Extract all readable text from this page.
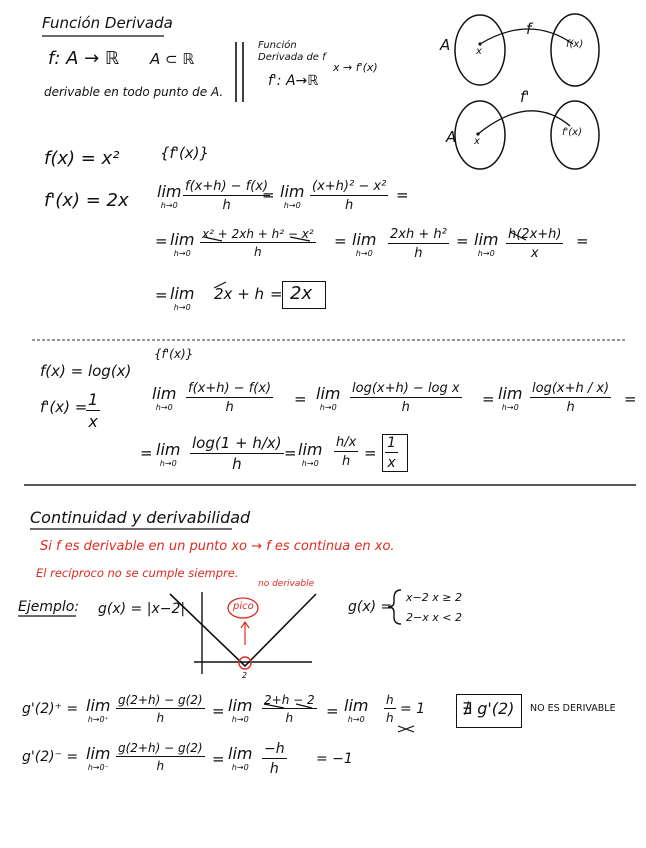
Función Derivada
f: A → ℝ A ⊂ ℝ
derivable en todo punto de A.
Función Derivada de f
f': A→ℝ
x → f'(x)
A
f
x
f(x)
A
f'
x
f'(x)
f(x) = x²
f'(x) = 2x
{f'(x)}
lim
$h\to 0 \frac{f(x+h) - f(x)}{h}$
= lim
$h\to 0 \frac{\text{(x+h)² − x²}}{h}$ =
= lim
$h\to 0 \frac{\text{x² + 2xh + h² − x²}}{h} = \lim$
$h\to 0 \frac{\text{2xh + h²}}{h} = \lim$
$h\to 0 \frac{h(2x+h)}{x}$ =
= lim
h→0
2x + h = 2x
f(x) = log(x)
f'(x) =
$\frac{1}{x}$
{f'(x)}
lim
$h\to 0 \frac{f(x+h) - f(x)}{h} = \lim$
$h\to 0 \frac{\text{log(x+h) − log x}}{h} = \lim$
$h\to 0 \frac{\log(x+h / x)}{h}$ =
= lim
$h\to 0 \frac{\log(1 + h/x)}{h} = \lim$
$h\to 0 \frac{h/x}{h} = \frac{1}{x}$
Continuidad y derivabilidad
Si f es derivable en un punto xo → f es continua en xo.
El recíproco no se cumple siempre.
Ejemplo: g(x) = |x−2|	pico
no derivable
2
g(x) =
x−2 x ≥ 2
2−x x < 2
g'(2)⁺ = lim
$h\to 0^+ \frac{g(2+h) - g(2)}{h} = \lim$
$h\to 0 \frac{2+h - 2}{h} = \lim$
$h\to 0 \frac{h}{h} = 1$ ∄ g'(2) NO ES DERIVABLE
g'(2)⁻ = lim
$h\to 0^- \frac{g(2+h) - g(2)}{h} = \lim$
$h\to 0 \frac{-h}{h} = -1$
